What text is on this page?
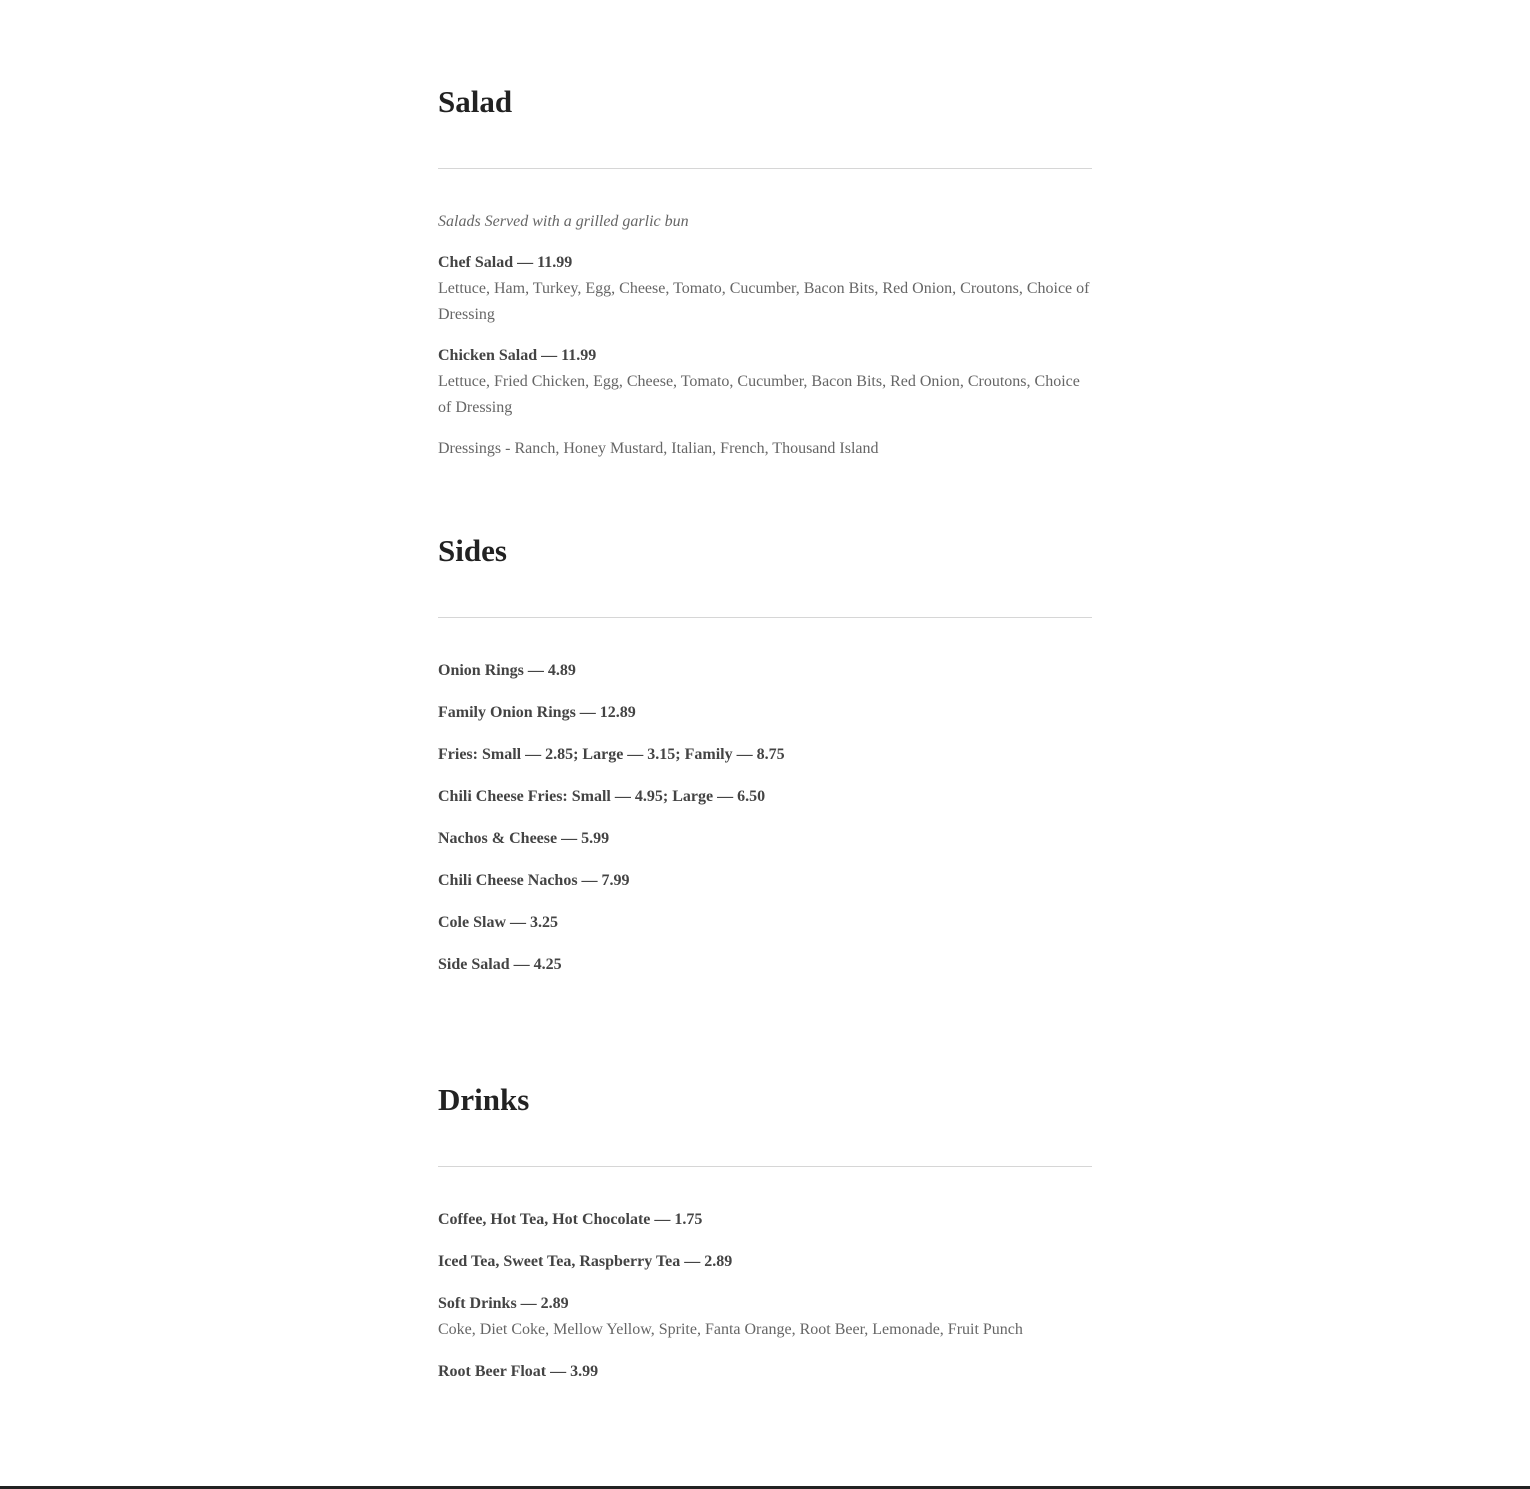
Salad

Salads Served with a grilled garlic bun

Chef Salad — 11.99
Lettuce, Ham, Turkey, Egg, Cheese, Tomato, Cucumber, Bacon Bits, Red Onion, Croutons, Choice of Dressing
Chicken Salad — 11.99
Lettuce, Fried Chicken, Egg, Cheese, Tomato, Cucumber, Bacon Bits, Red Onion, Croutons, Choice of Dressing

Dressings - Ranch, Honey Mustard, Italian, French, Thousand Island

Sides
Onion Rings — 4.89
Family Onion Rings — 12.89
Fries: Small — 2.85; Large — 3.15; Family — 8.75
Chili Cheese Fries: Small — 4.95; Large — 6.50
Nachos & Cheese — 5.99
Chili Cheese Nachos — 7.99
Cole Slaw — 3.25
Side Salad — 4.25
Drinks
Coffee, Hot Tea, Hot Chocolate — 1.75
Iced Tea, Sweet Tea, Raspberry Tea — 2.89
Soft Drinks — 2.89
Coke, Diet Coke, Mellow Yellow, Sprite, Fanta Orange, Root Beer, Lemonade, Fruit Punch
Root Beer Float — 3.99
